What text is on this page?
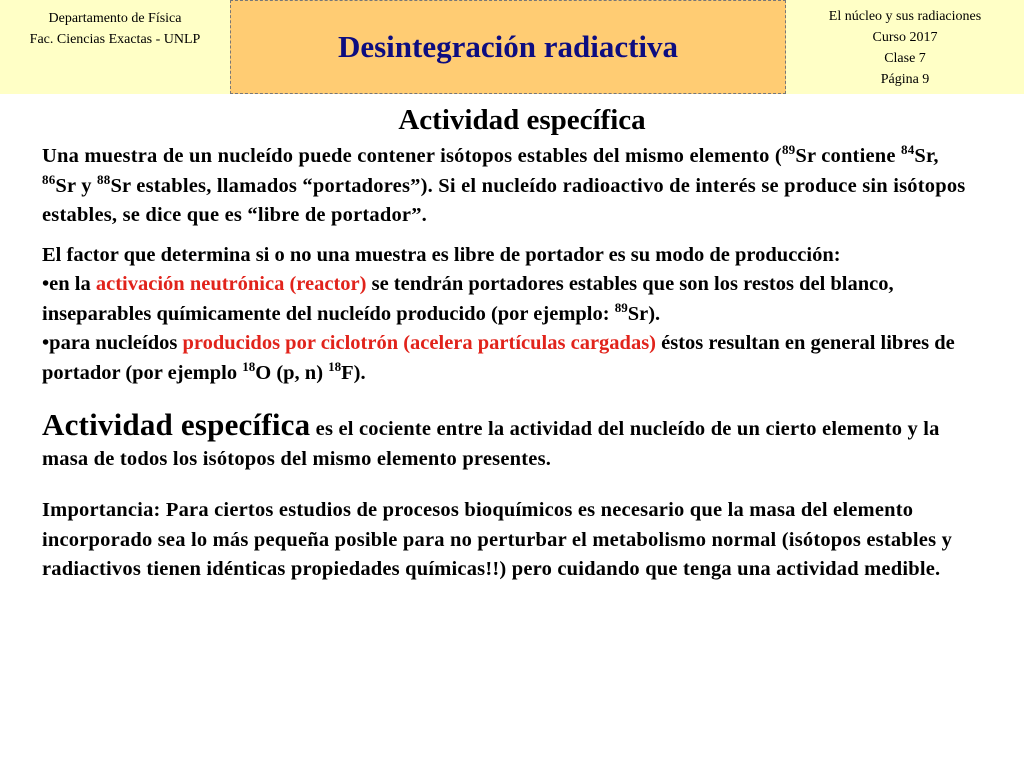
Departamento de Física
Fac. Ciencias Exactas - UNLP	Desintegración radiactiva
El núcleo y sus radiaciones
Curso 2017
Clase 7
Página 9
Actividad específica

Una muestra de un nucleído puede contener isótopos estables del mismo elemento ($^{89}$Sr contiene $^{84}$Sr, $^{86}$Sr y $^{88}$Sr estables, llamados “portadores”). Si el nucleído radioactivo de interés se produce sin isótopos estables, se dice que es “libre de portador”.

El factor que determina si o no una muestra es libre de portador es su modo de producción:

•en la activación neutrónica (reactor) se tendrán portadores estables que son los restos del blanco, inseparables químicamente del nucleído producido (por ejemplo: $^{89}$Sr).

•para nucleídos producidos por ciclotrón (acelera partículas cargadas) éstos resultan en general libres de portador (por ejemplo $^{18}$O (p, n) $^{18}$F).

Actividad específica es el cociente entre la actividad del nucleído de un cierto elemento y la masa de todos los isótopos del mismo elemento presentes.

Importancia: Para ciertos estudios de procesos bioquímicos es necesario que la masa del elemento incorporado sea lo más pequeña posible para no perturbar el metabolismo normal (isótopos estables y radiactivos tienen idénticas propiedades químicas!!) pero cuidando que tenga una actividad medible.
